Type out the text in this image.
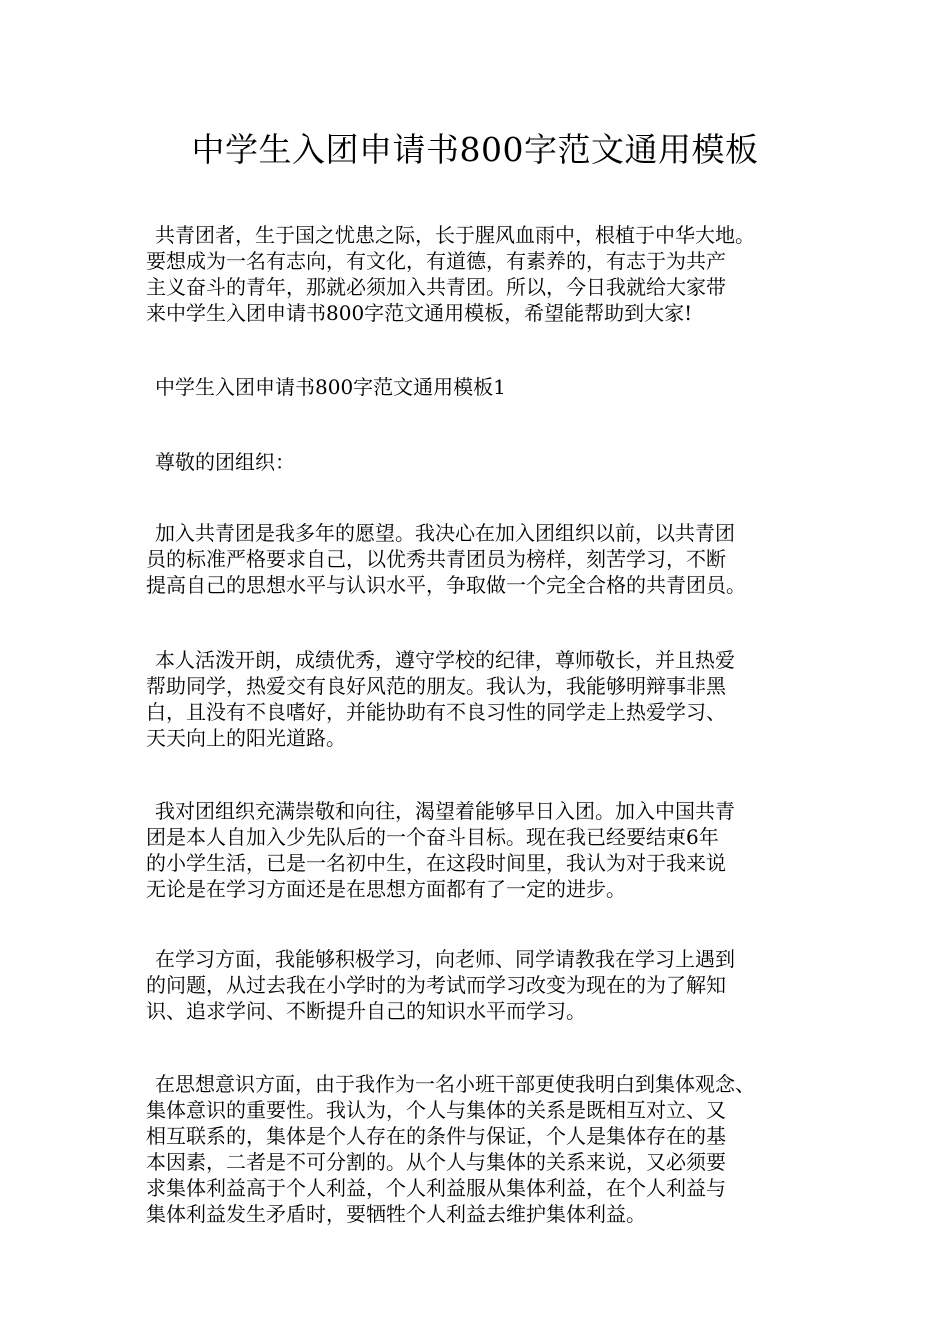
中学生入团申请书800字范文通用模板

共青团者，生于国之忧患之际，长于腥风血雨中，根植于中华大地。
要想成为一名有志向，有文化，有道德，有素养的，有志于为共产
主义奋斗的青年，那就必须加入共青团。所以，今日我就给大家带
来中学生入团申请书800字范文通用模板，希望能帮助到大家!

中学生入团申请书800字范文通用模板1

尊敬的团组织：

加入共青团是我多年的愿望。我决心在加入团组织以前，以共青团
员的标准严格要求自己，以优秀共青团员为榜样，刻苦学习，不断
提高自己的思想水平与认识水平，争取做一个完全合格的共青团员。

本人活泼开朗，成绩优秀，遵守学校的纪律，尊师敬长，并且热爱
帮助同学，热爱交有良好风范的朋友。我认为，我能够明辩事非黑
白，且没有不良嗜好，并能协助有不良习性的同学走上热爱学习、
天天向上的阳光道路。

我对团组织充满崇敬和向往，渴望着能够早日入团。加入中国共青
团是本人自加入少先队后的一个奋斗目标。现在我已经要结束6年
的小学生活，已是一名初中生，在这段时间里，我认为对于我来说
无论是在学习方面还是在思想方面都有了一定的进步。

在学习方面，我能够积极学习，向老师、同学请教我在学习上遇到
的问题，从过去我在小学时的为考试而学习改变为现在的为了解知
识、追求学问、不断提升自己的知识水平而学习。

在思想意识方面，由于我作为一名小班干部更使我明白到集体观念、
集体意识的重要性。我认为，个人与集体的关系是既相互对立、又
相互联系的，集体是个人存在的条件与保证，个人是集体存在的基
本因素，二者是不可分割的。从个人与集体的关系来说，又必须要
求集体利益高于个人利益，个人利益服从集体利益，在个人利益与
集体利益发生矛盾时，要牺牲个人利益去维护集体利益。
